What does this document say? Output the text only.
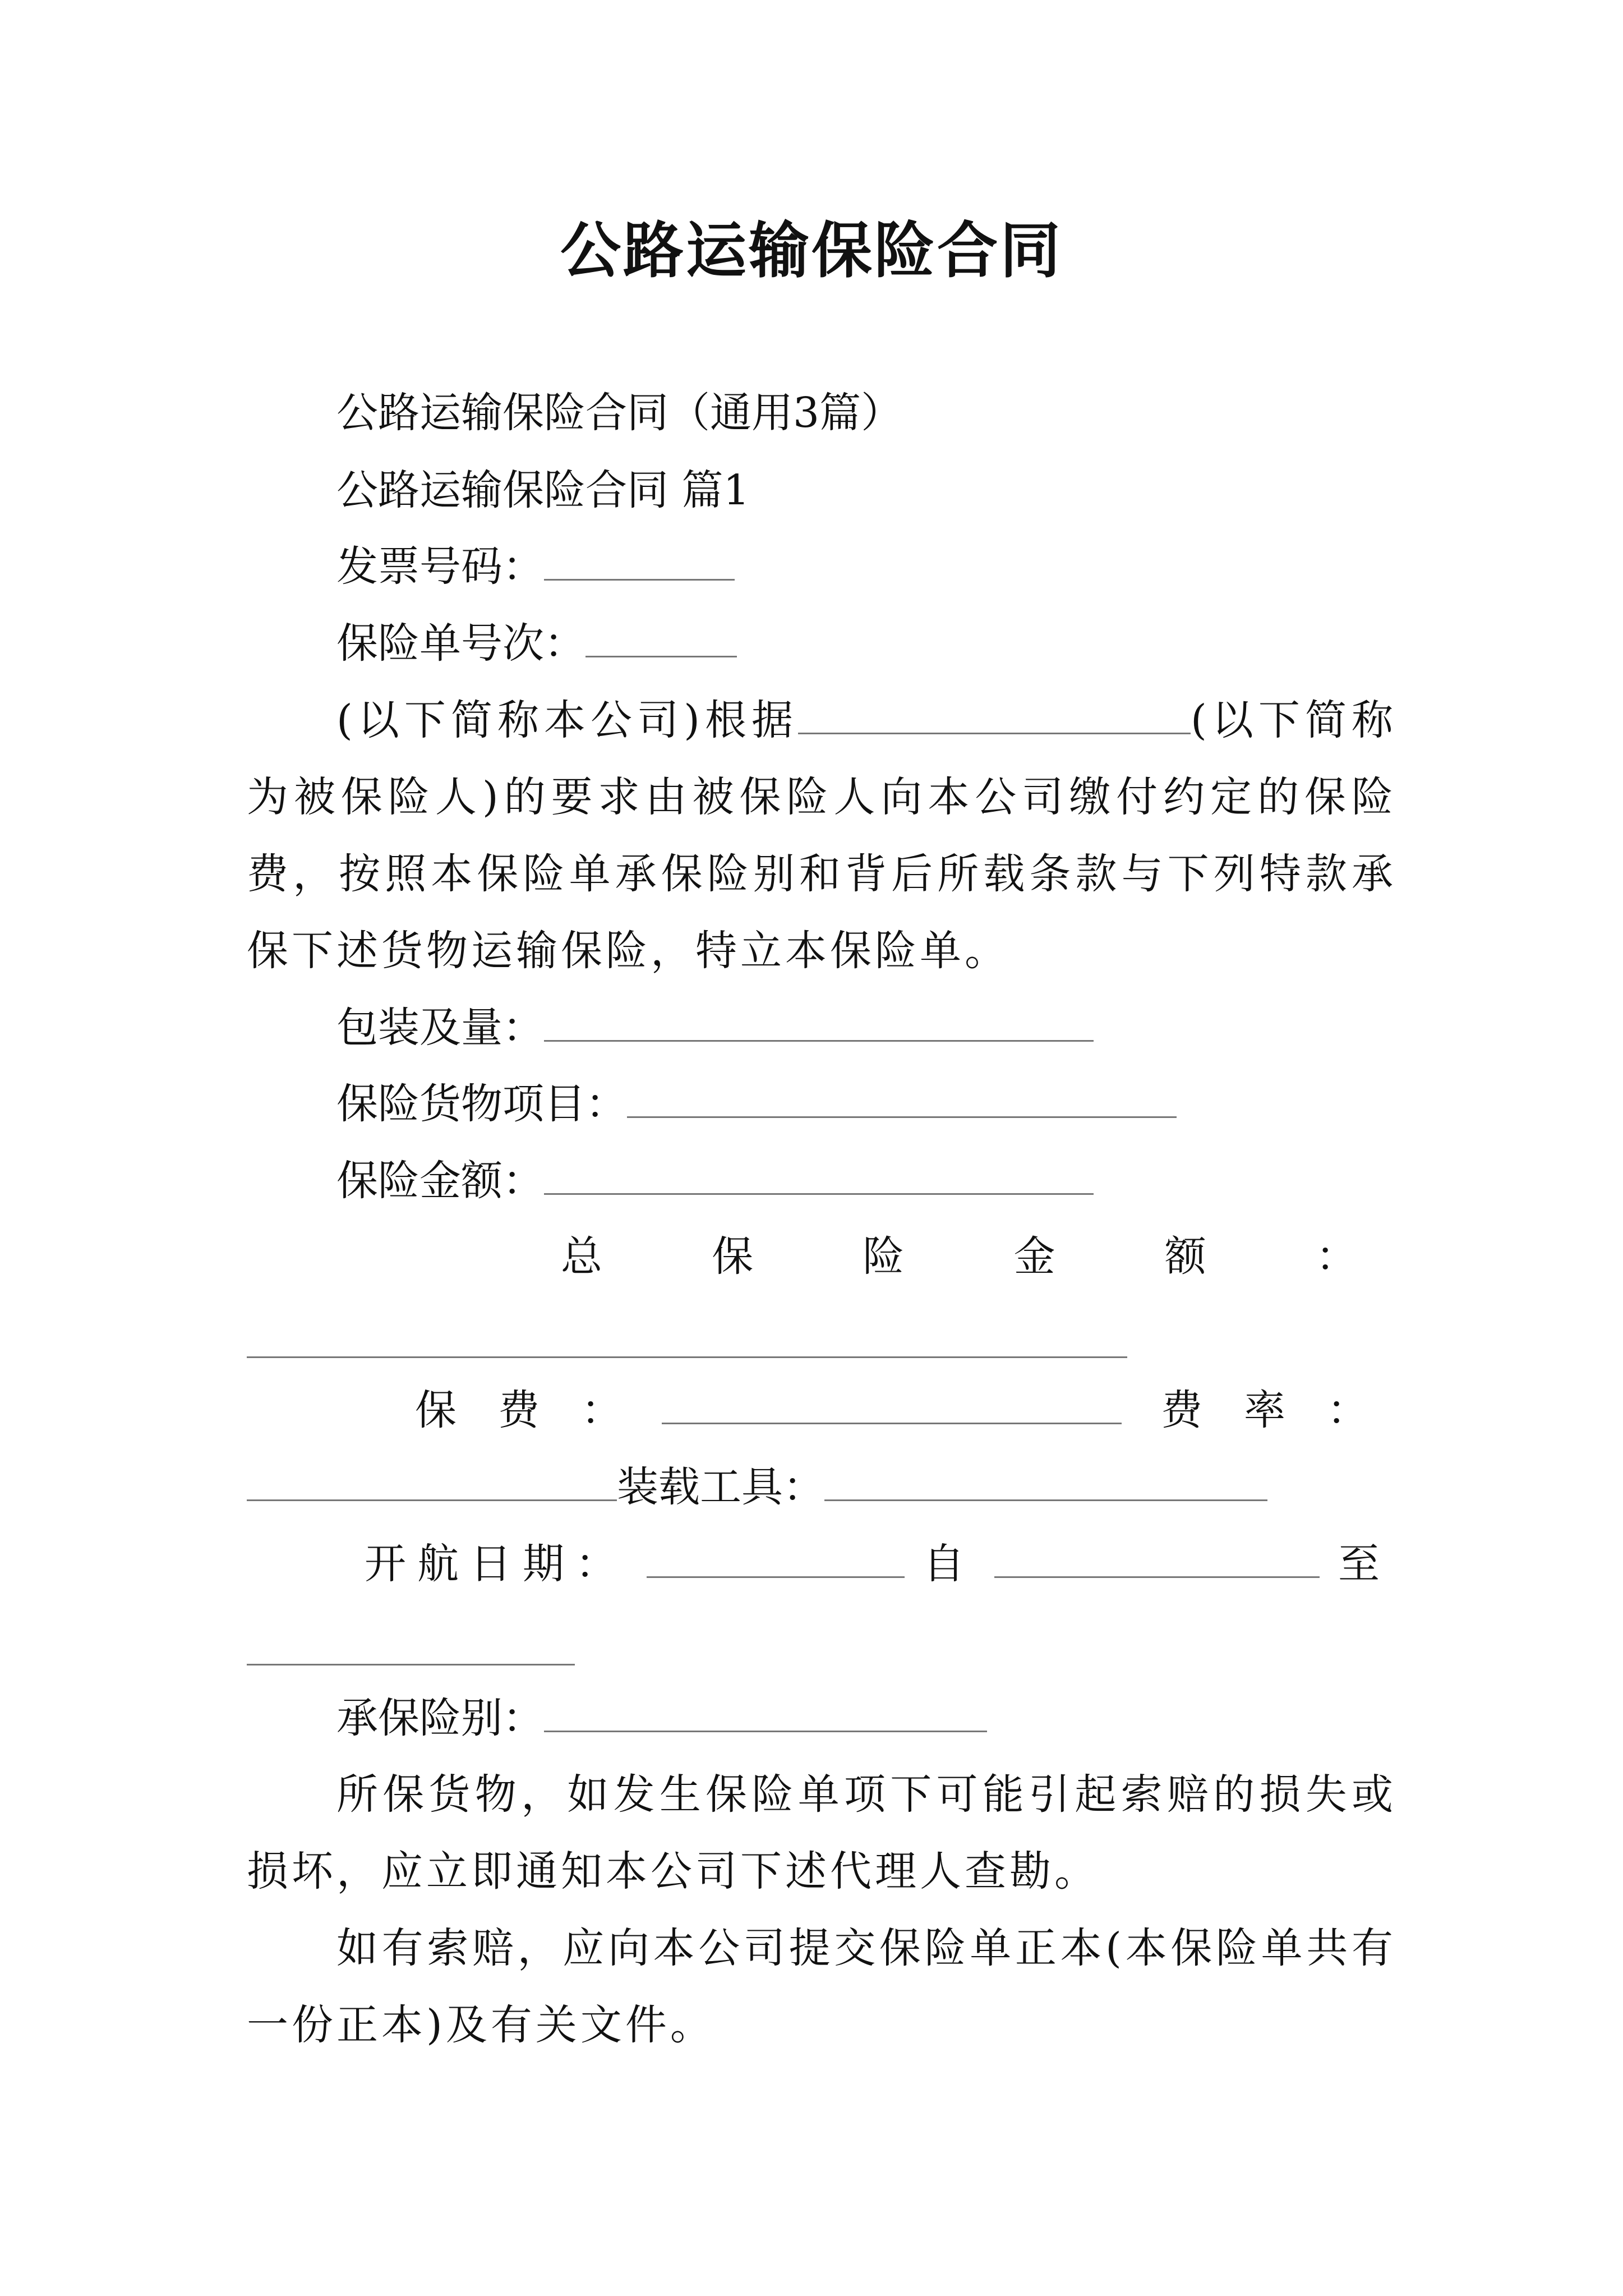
公路运输保险合同
公路运输保险合同（通用3篇）
公路运输保险合同 篇1
发票号码：
保险单号次：
(以下简称本公司)根据	(以下简称为被保险人)的要求由被保险人向本公司缴付约定的保险费，按照本保险单承保险别和背后所载条款与下列特款承保下述货物运输保险，特立本保险单。
包装及量：
保险货物项目：
保险金额：
总	保	险	金	额	：
保　费　：	费　率　：
装载工具：
开航日期：	自	至
承保险别：
所保货物，如发生保险单项下可能引起索赔的损失或损坏，应立即通知本公司下述代理人查勘。
如有索赔，应向本公司提交保险单正本(本保险单共有一份正本)及有关文件。
